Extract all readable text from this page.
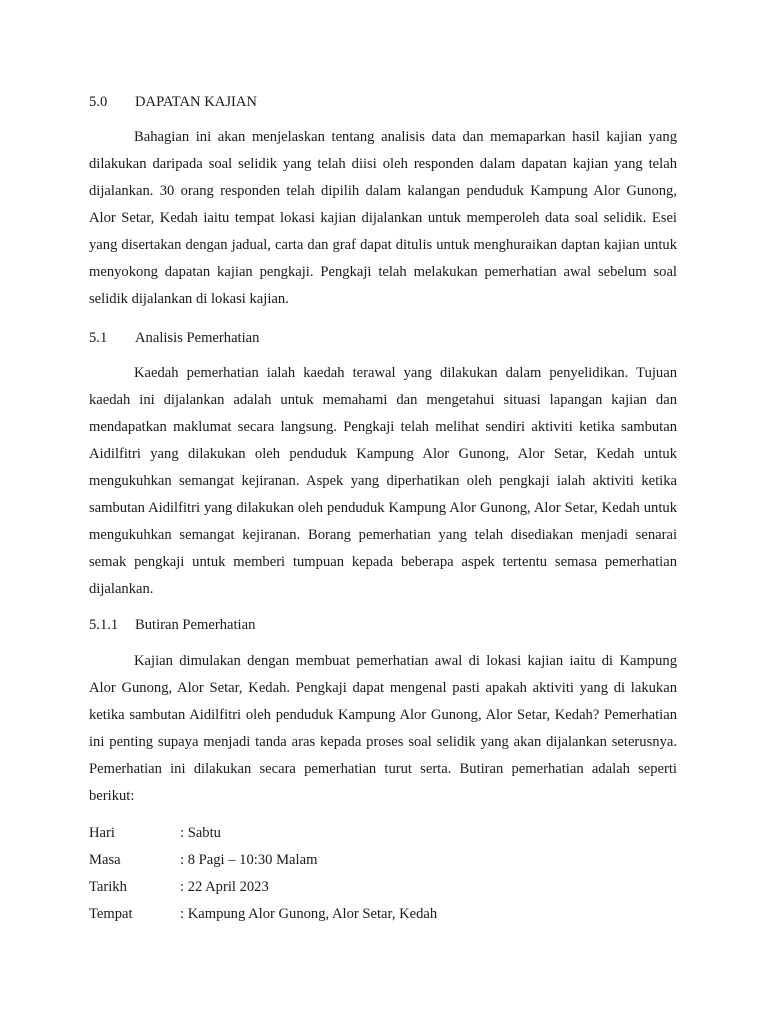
5.0 DAPATAN KAJIAN

Bahagian ini akan menjelaskan tentang analisis data dan memaparkan hasil kajian yang dilakukan daripada soal selidik yang telah diisi oleh responden dalam dapatan kajian yang telah dijalankan. 30 orang responden telah dipilih dalam kalangan penduduk Kampung Alor Gunong, Alor Setar, Kedah iaitu tempat lokasi kajian dijalankan untuk memperoleh data soal selidik. Esei yang disertakan dengan jadual, carta dan graf dapat ditulis untuk menghuraikan daptan kajian untuk menyokong dapatan kajian pengkaji. Pengkaji telah melakukan pemerhatian awal sebelum soal selidik dijalankan di lokasi kajian.

5.1 Analisis Pemerhatian

Kaedah pemerhatian ialah kaedah terawal yang dilakukan dalam penyelidikan. Tujuan kaedah ini dijalankan adalah untuk memahami dan mengetahui situasi lapangan kajian dan mendapatkan maklumat secara langsung. Pengkaji telah melihat sendiri aktiviti ketika sambutan Aidilfitri yang dilakukan oleh penduduk Kampung Alor Gunong, Alor Setar, Kedah untuk mengukuhkan semangat kejiranan. Aspek yang diperhatikan oleh pengkaji ialah aktiviti ketika sambutan Aidilfitri yang dilakukan oleh penduduk Kampung Alor Gunong, Alor Setar, Kedah untuk mengukuhkan semangat kejiranan. Borang pemerhatian yang telah disediakan menjadi senarai semak pengkaji untuk memberi tumpuan kepada beberapa aspek tertentu semasa pemerhatian dijalankan.

5.1.1 Butiran Pemerhatian

Kajian dimulakan dengan membuat pemerhatian awal di lokasi kajian iaitu di Kampung Alor Gunong, Alor Setar, Kedah. Pengkaji dapat mengenal pasti apakah aktiviti yang di lakukan ketika sambutan Aidilfitri oleh penduduk Kampung Alor Gunong, Alor Setar, Kedah? Pemerhatian ini penting supaya menjadi tanda aras kepada proses soal selidik yang akan dijalankan seterusnya. Pemerhatian ini dilakukan secara pemerhatian turut serta. Butiran pemerhatian adalah seperti berikut:

Hari	: Sabtu
Masa	: 8 Pagi – 10:30 Malam
Tarikh	: 22 April 2023
Tempat	: Kampung Alor Gunong, Alor Setar, Kedah
